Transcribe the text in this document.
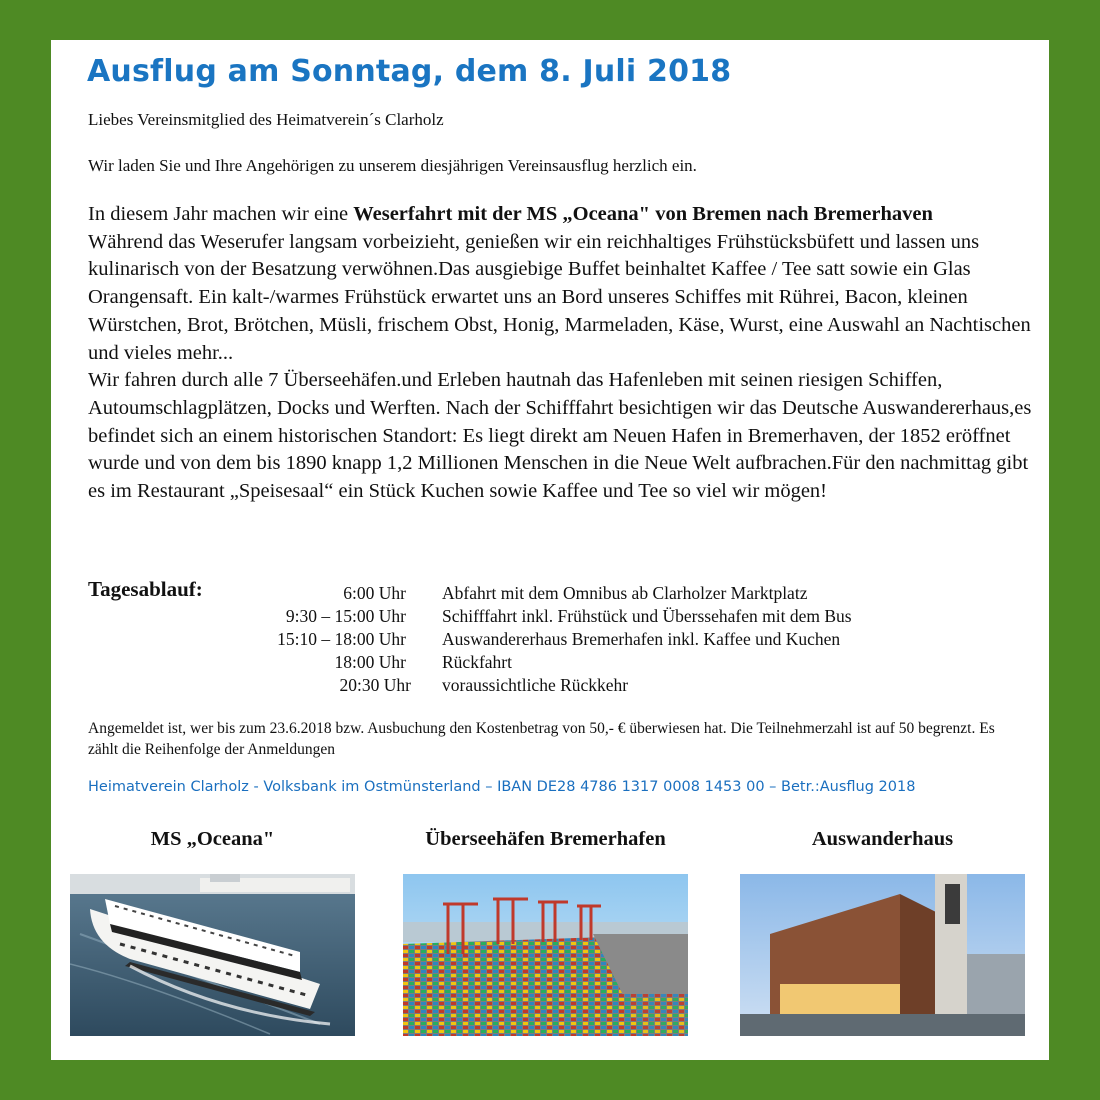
Ausflug am Sonntag, dem 8. Juli 2018

Liebes Vereinsmitglied des Heimatverein´s Clarholz

Wir laden Sie und Ihre Angehörigen zu unserem diesjährigen Vereinsausflug herzlich ein.

In diesem Jahr machen wir eine Weserfahrt mit der MS „Oceana" von Bremen nach Bremerhaven
Während das Weserufer langsam vorbeizieht, genießen wir ein reichhaltiges Frühstücksbüfett und lassen uns kulinarisch von der Besatzung verwöhnen.Das ausgiebige Buffet beinhaltet Kaffee / Tee satt sowie ein Glas Orangensaft. Ein kalt-/warmes Frühstück erwartet uns an Bord unseres Schiffes mit Rührei, Bacon, kleinen Würstchen, Brot, Brötchen, Müsli, frischem Obst, Honig, Marmeladen, Käse, Wurst, eine Auswahl an Nachtischen und vieles mehr...
Wir fahren durch alle 7 Überseehäfen.und Erleben hautnah das Hafenleben mit seinen riesigen Schiffen, Autoumschlagplätzen, Docks und Werften. Nach der Schifffahrt besichtigen wir das Deutsche Auswandererhaus,es befindet sich an einem historischen Standort: Es liegt direkt am Neuen Hafen in Bremerhaven, der 1852 eröffnet wurde und von dem bis 1890 knapp 1,2 Millionen Menschen in die Neue Welt aufbrachen.Für den nachmittag gibt es im Restaurant „Speisesaal“ ein Stück Kuchen sowie Kaffee und Tee so viel wir mögen!

Tagesablauf:	6:00 Uhr Abfahrt mit dem Omnibus ab Clarholzer Marktplatz
9:30 – 15:00 Uhr Schifffahrt inkl. Frühstück und Überssehafen mit dem Bus
15:10 – 18:00 Uhr Auswandererhaus Bremerhafen inkl. Kaffee und Kuchen
18:00 Uhr Rückfahrt
20:30 Uhr voraussichtliche Rückkehr

Angemeldet ist, wer bis zum 23.6.2018 bzw. Ausbuchung den Kostenbetrag von 50,- € überwiesen hat. Die Teilnehmerzahl ist auf 50 begrenzt. Es zählt die Reihenfolge der Anmeldungen

Heimatverein Clarholz - Volksbank im Ostmünsterland – IBAN DE28 4786 1317 0008 1453 00 – Betr.:Ausflug 2018

MS „Oceana"	Überseehäfen Bremerhafen	Auswanderhaus
